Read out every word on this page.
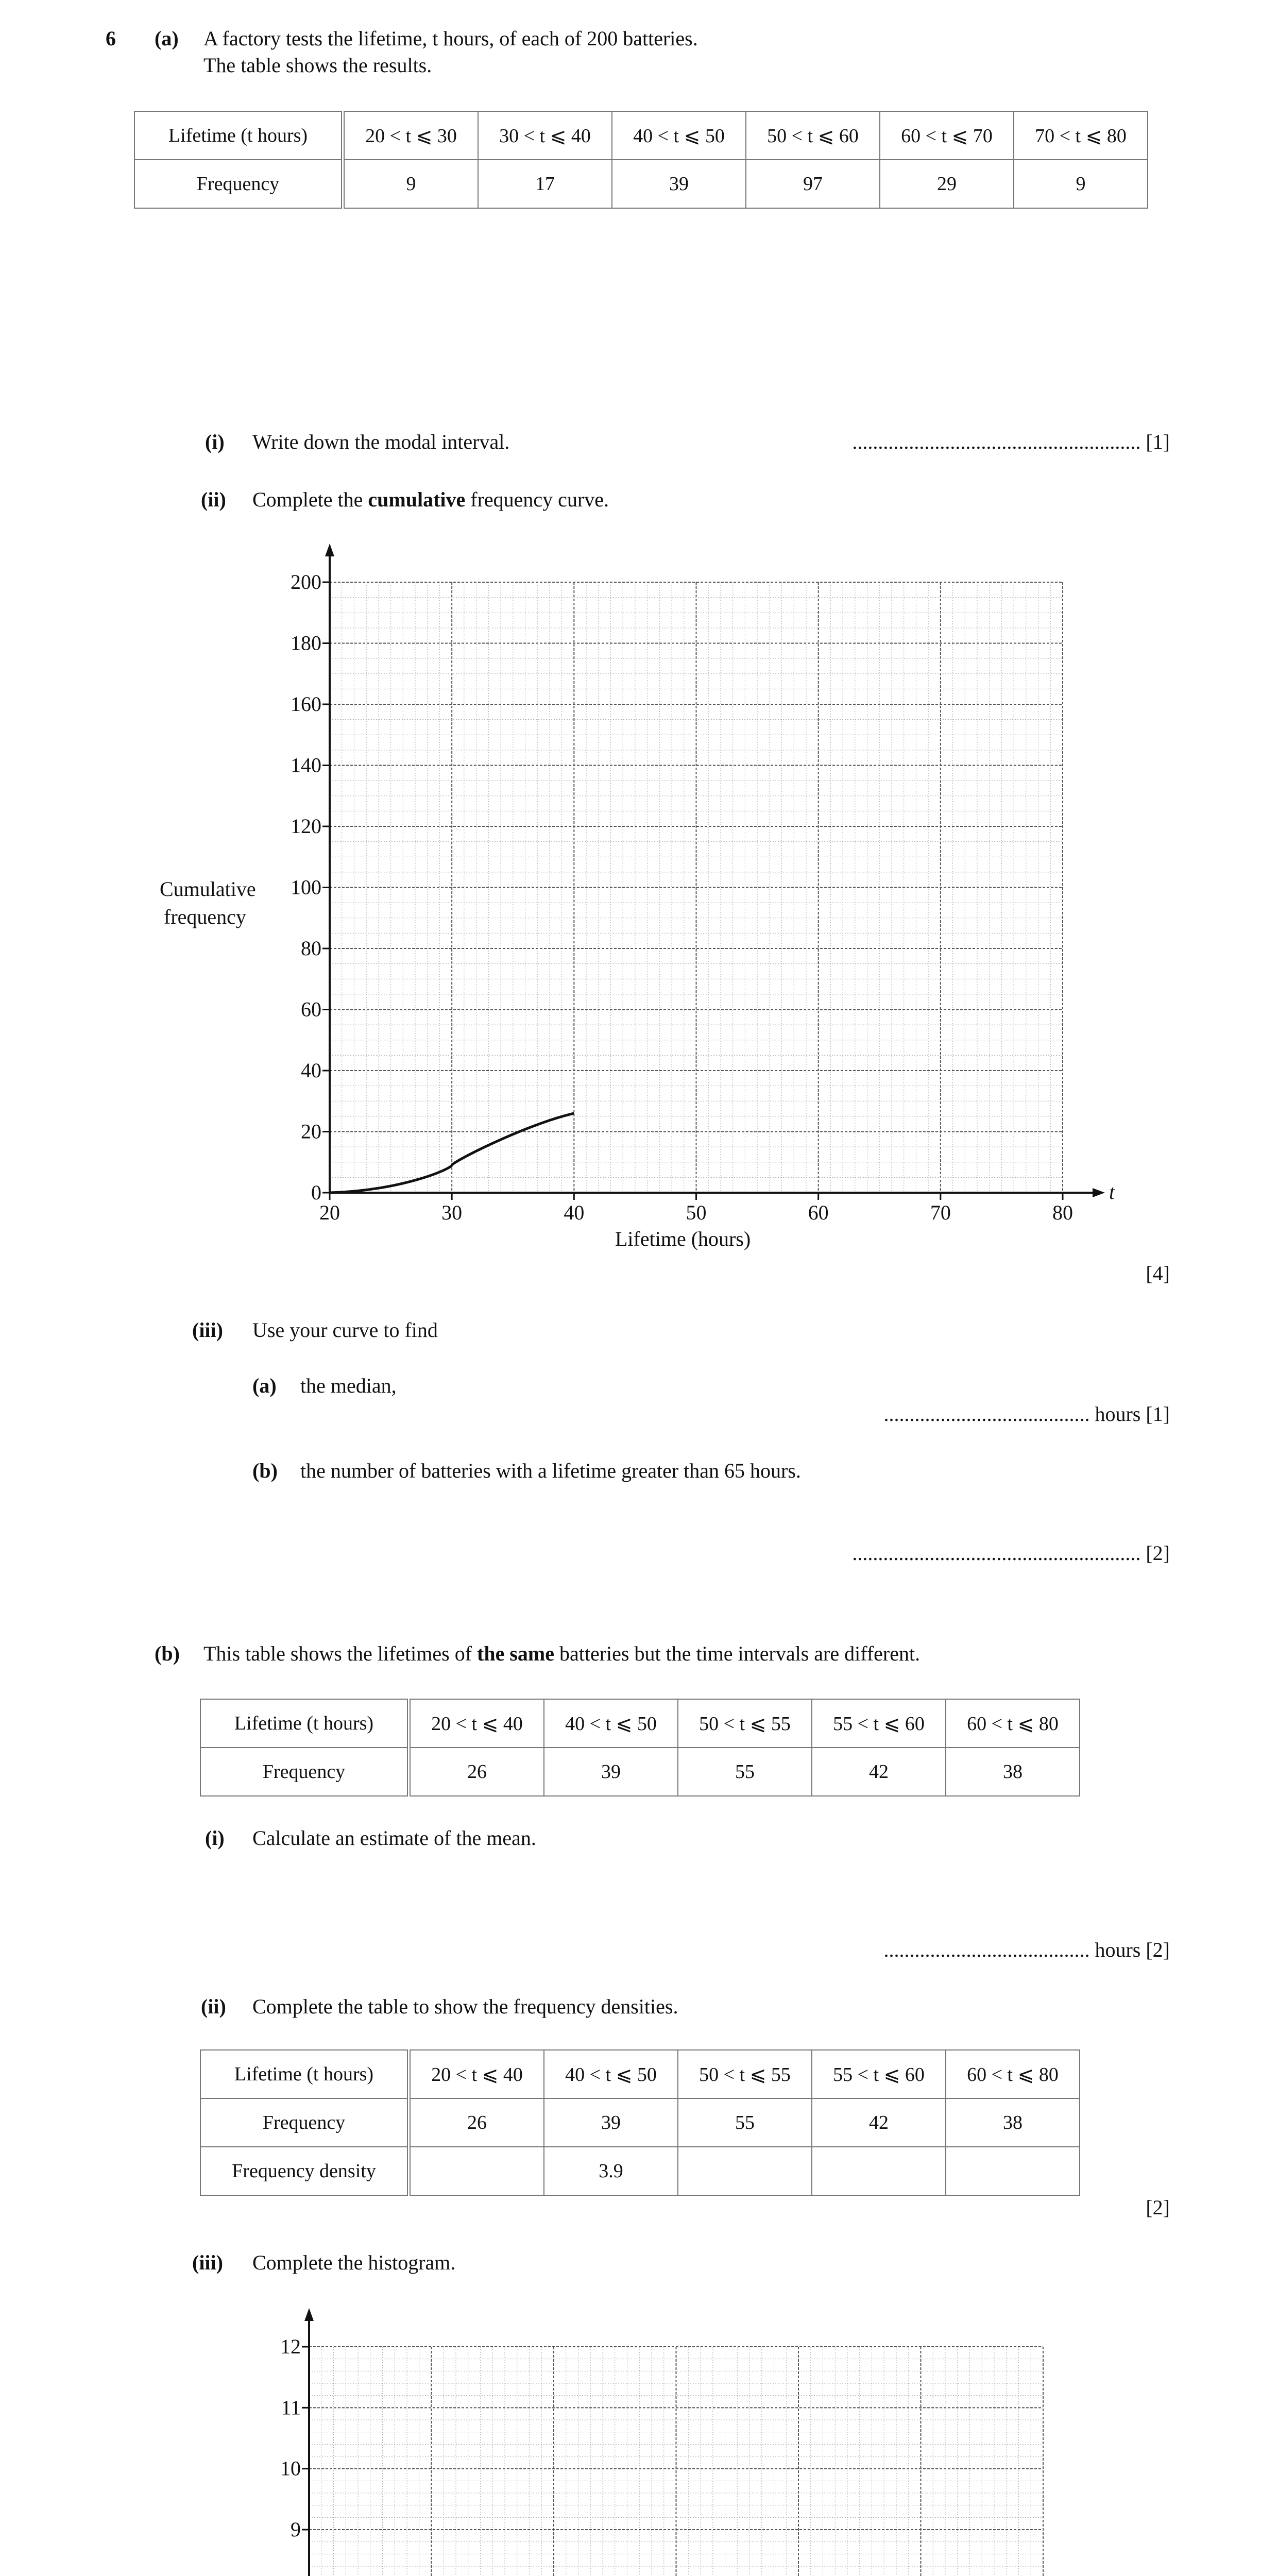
6 (a) A factory tests the lifetime, t hours, of each of 200 batteries.
The table shows the results.
Lifetime (t hours)	20 < t ⩽ 30	30 < t ⩽ 40	40 < t ⩽ 50	50 < t ⩽ 60	60 < t ⩽ 70	70 < t ⩽ 80
Frequency	9	17	39	97	29	9
(i) Write down the modal interval.	........................................................ [1]
(ii) Complete the cumulative frequency curve.
t
20	30	40	50	60	70	80
0
20
40
60
80
100
120
140
160
180
200
Cumulative
frequency
Lifetime (hours)
[4]
(iii) Use your curve to find
(a) the median,
........................................ hours [1]
(b) the number of batteries with a lifetime greater than 65 hours.
........................................................ [2]
(b) This table shows the lifetimes of the same batteries but the time intervals are different.
Lifetime (t hours)	20 < t ⩽ 40	40 < t ⩽ 50	50 < t ⩽ 55	55 < t ⩽ 60	60 < t ⩽ 80
Frequency	26	39	55	42	38
(i) Calculate an estimate of the mean.
........................................ hours [2]
(ii) Complete the table to show the frequency densities.
Lifetime (t hours)	20 < t ⩽ 40	40 < t ⩽ 50	50 < t ⩽ 55	55 < t ⩽ 60	60 < t ⩽ 80
Frequency	26	39	55	42	38
Frequency density		3.9			
[2]
(iii) Complete the histogram.
9
10
11
12
